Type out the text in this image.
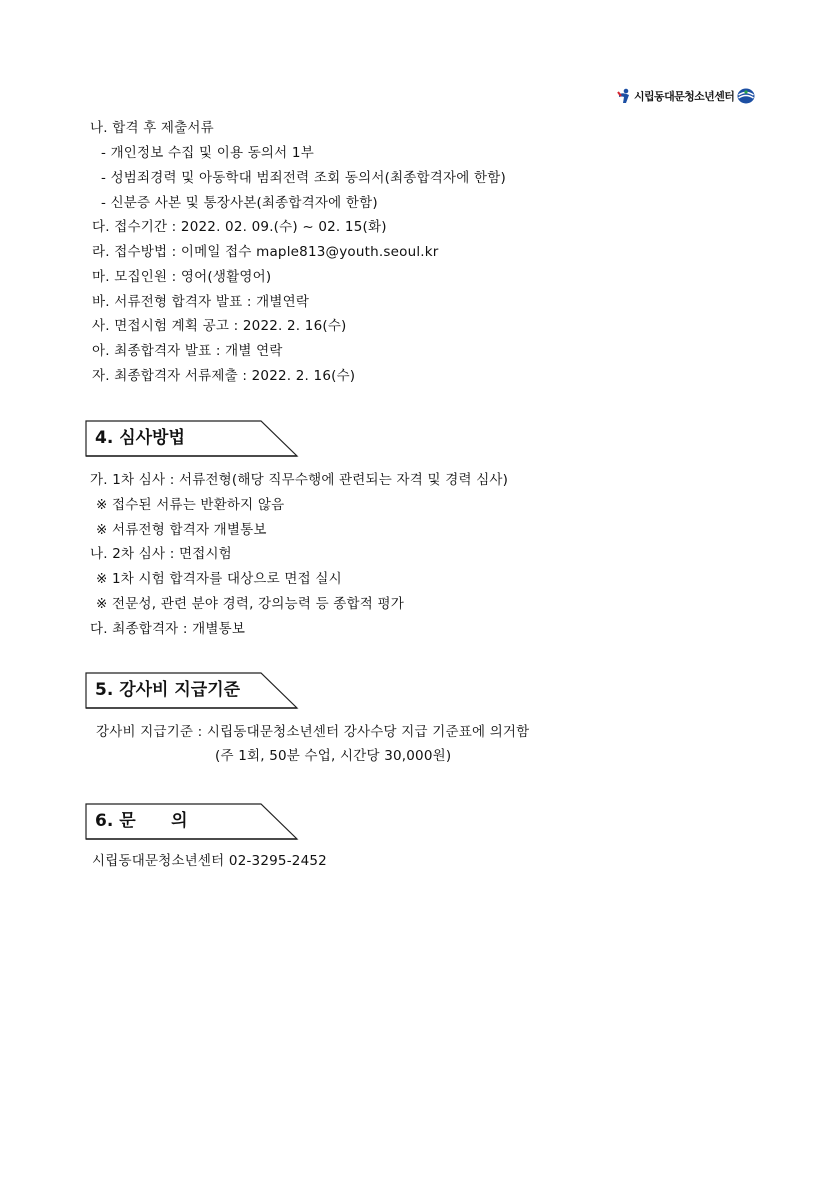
시립동대문청소년센터
나. 합격 후 제출서류
- 개인정보 수집 및 이용 동의서 1부
- 성범죄경력 및 아동학대 범죄전력 조회 동의서(최종합격자에 한함)
- 신분증 사본 및 통장사본(최종합격자에 한함)
다. 접수기간 : 2022. 02. 09.(수) ~ 02. 15(화)
라. 접수방법 : 이메일 접수 maple813@youth.seoul.kr
마. 모집인원 : 영어(생활영어)
바. 서류전형 합격자 발표 : 개별연락
사. 면접시험 계획 공고 : 2022. 2. 16(수)
아. 최종합격자 발표 : 개별 연락
자. 최종합격자 서류제출 : 2022. 2. 16(수)
4. 심사방법
가. 1차 심사 : 서류전형(해당 직무수행에 관련되는 자격 및 경력 심사)
※ 접수된 서류는 반환하지 않음
※ 서류전형 합격자 개별통보
나. 2차 심사 : 면접시험
※ 1차 시험 합격자를 대상으로 면접 실시
※ 전문성, 관련 분야 경력, 강의능력 등 종합적 평가
다. 최종합격자 : 개별통보
5. 강사비 지급기준
강사비 지급기준 : 시립동대문청소년센터 강사수당 지급 기준표에 의거함
(주 1회, 50분 수업, 시간당 30,000원)
6. 문      의
시립동대문청소년센터 02-3295-2452
